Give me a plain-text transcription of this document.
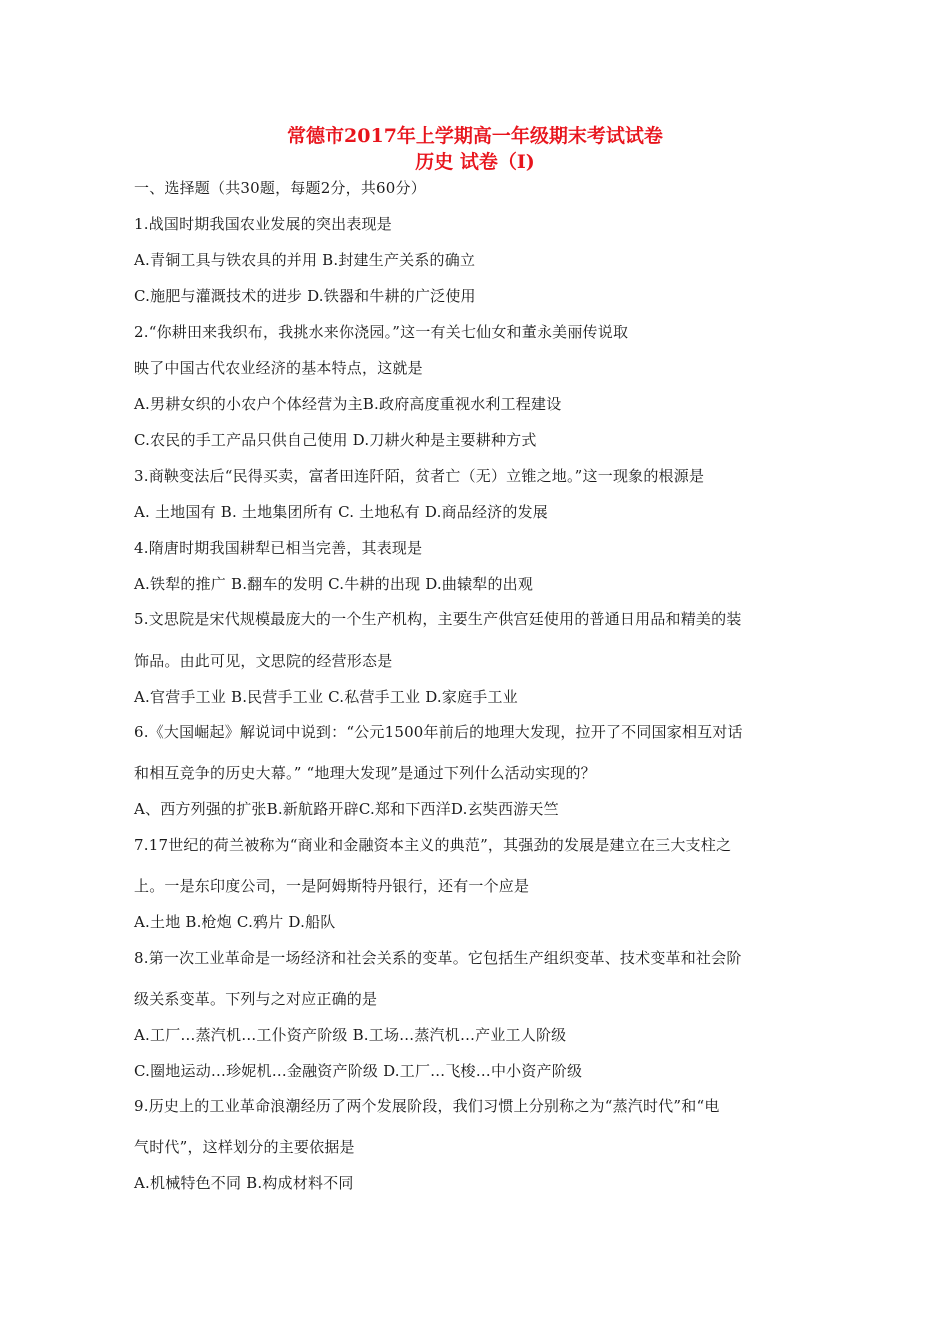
常德市2017年上学期高一年级期末考试试卷
历史 试卷（I)
一、选择题（共30题，每题2分，共60分）
1.战国时期我国农业发展的突出表现是
A.青铜工具与铁农具的并用 B.封建生产关系的确立
C.施肥与灌溉技术的进步 D.铁器和牛耕的广泛使用
2.“你耕田来我织布，我挑水来你浇园。”这一有关七仙女和董永美丽传说取
映了中国古代农业经济的基本特点，这就是
A.男耕女织的小农户个体经营为主B.政府高度重视水利工程建设
C.农民的手工产品只供自己使用 D.刀耕火种是主要耕种方式
3.商鞅变法后“民得买卖，富者田连阡陌，贫者亡（无）立锥之地。”这一现象的根源是
A. 土地国有 B. 土地集团所有 C. 土地私有 D.商品经济的发展
4.隋唐时期我国耕犁已相当完善，其表现是
A.铁犁的推广 B.翻车的发明 C.牛耕的出现 D.曲辕犁的出观
5.文思院是宋代规模最庞大的一个生产机构，主要生产供宫廷使用的普通日用品和精美的装
饰品。由此可见，文思院的经营形态是
A.官营手工业 B.民营手工业 C.私营手工业 D.家庭手工业
6.《大国崛起》解说词中说到：“公元1500年前后的地理大发现，拉开了不同国家相互对话
和相互竞争的历史大幕。” “地理大发现”是通过下列什么活动实现的？
A、西方列强的扩张B.新航路开辟C.郑和下西洋D.玄奘西游天竺
7.17世纪的荷兰被称为“商业和金融资本主义的典范”，其强劲的发展是建立在三大支柱之
上。一是东印度公司，一是阿姆斯特丹银行，还有一个应是
A.土地 B.枪炮 C.鸦片 D.船队
8.第一次工业革命是一场经济和社会关系的变革。它包括生产组织变革、技术变革和社会阶
级关系变革。下列与之对应正确的是
A.工厂…蒸汽机…工仆资产阶级 B.工场…蒸汽机…产业工人阶级
C.圈地运动…珍妮机…金融资产阶级 D.工厂…飞梭…中小资产阶级
9.历史上的工业革命浪潮经历了两个发展阶段，我们习惯上分别称之为“蒸汽时代”和“电
气时代”，这样划分的主要依据是
A.机械特色不同 B.构成材料不同
